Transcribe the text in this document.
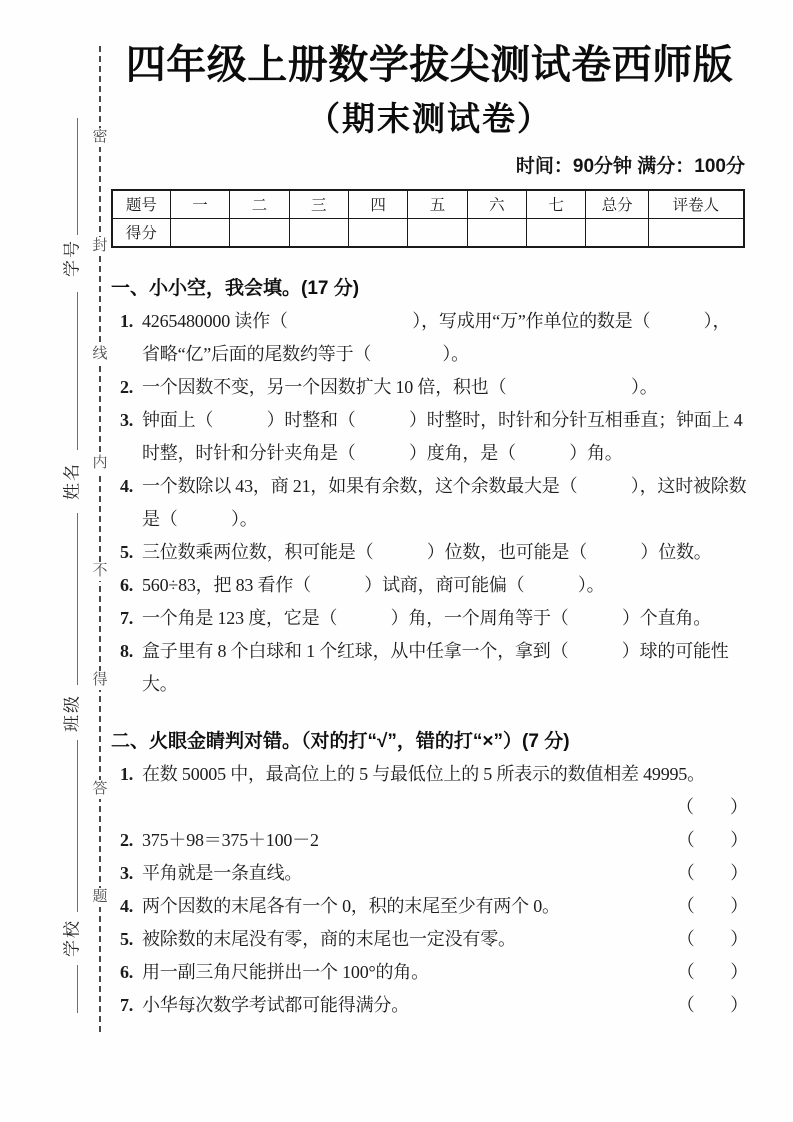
密
封
线
内
不
得
答
题
学号
姓名
班级
学校
四年级上册数学拔尖测试卷西师版
（期末测试卷）
时间：90分钟 满分：100分
题号	一	二	三	四	五	六	七	总分	评卷人
得分									
一、小小空，我会填。(17 分)
1. 4265480000 读作（　　　　　　　），写成用“万”作单位的数是（　　　），省略“亿”后面的尾数约等于（　　　　）。
2. 一个因数不变，另一个因数扩大 10 倍，积也（　　　　　　　）。
3. 钟面上（　　　）时整和（　　　）时整时，时针和分针互相垂直；钟面上 4 时整，时针和分针夹角是（　　　）度角，是（　　　）角。
4. 一个数除以 43，商 21，如果有余数，这个余数最大是（　　　），这时被除数是（　　　）。
5. 三位数乘两位数，积可能是（　　　）位数，也可能是（　　　）位数。
6. 560÷83，把 83 看作（　　　）试商，商可能偏（　　　）。
7. 一个角是 123 度，它是（　　　）角，一个周角等于（　　　）个直角。
8. 盒子里有 8 个白球和 1 个红球，从中任拿一个，拿到（　　　）球的可能性大。
二、火眼金睛判对错。（对的打“√”，错的打“×”）(7 分)
1. 在数 50005 中，最高位上的 5 与最低位上的 5 所表示的数值相差 49995。
（　　）
2. 375＋98＝375＋100－2	（　　）
3. 平角就是一条直线。	（　　）
4. 两个因数的末尾各有一个 0，积的末尾至少有两个 0。	（　　）
5. 被除数的末尾没有零，商的末尾也一定没有零。	（　　）
6. 用一副三角尺能拼出一个 100°的角。	（　　）
7. 小华每次数学考试都可能得满分。	（　　）
